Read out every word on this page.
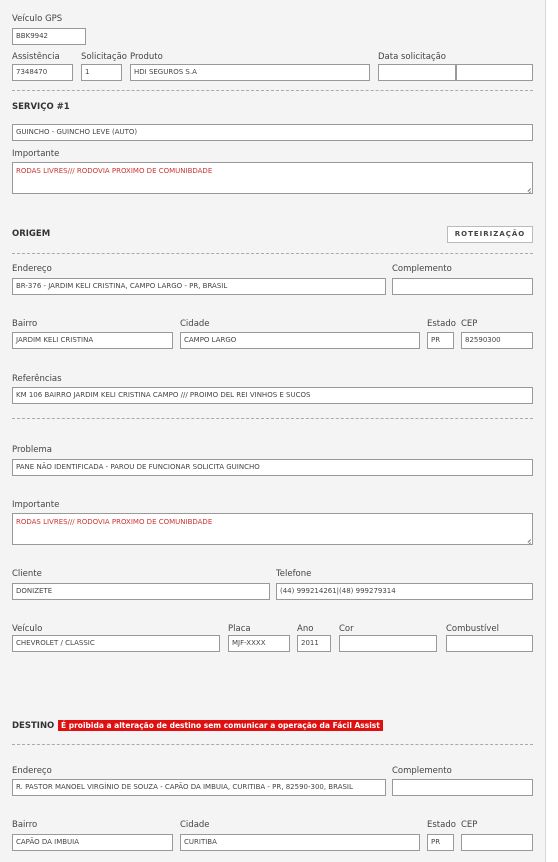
Veículo GPS
BBK9942
Assistência
7348470
Solicitação
1
Produto
HDI SEGUROS S.A
Data solicitação
SERVIÇO #1
GUINCHO - GUINCHO LEVE (AUTO)
Importante
RODAS LIVRES/// RODOVIA PROXIMO DE COMUNIBDADE
ORIGEM	ROTEIRIZAÇÃO
Endereço
BR-376 - JARDIM KELI CRISTINA, CAMPO LARGO - PR, BRASIL
Complemento
Bairro
JARDIM KELI CRISTINA
Cidade
CAMPO LARGO
Estado
PR
CEP
82590300
Referências
KM 106 BAIRRO JARDIM KELI CRISTINA CAMPO /// PROIMO DEL REI VINHOS E SUCOS
Problema
PANE NÃO IDENTIFICADA - PAROU DE FUNCIONAR SOLICITA GUINCHO
Importante
RODAS LIVRES/// RODOVIA PROXIMO DE COMUNIBDADE
Cliente
DONIZETE
Telefone
(44) 999214261|(48) 999279314
Veículo
CHEVROLET / CLASSIC
Placa
MJF-XXXX
Ano
2011
Cor	Combustível
DESTINO É proibida a alteração de destino sem comunicar a operação da Fácil Assist
Endereço
R. PASTOR MANOEL VIRGÍNIO DE SOUZA - CAPÃO DA IMBUIA, CURITIBA - PR, 82590-300, BRASIL
Complemento
Bairro
CAPÃO DA IMBUIA
Cidade
CURITIBA
Estado
PR
CEP
